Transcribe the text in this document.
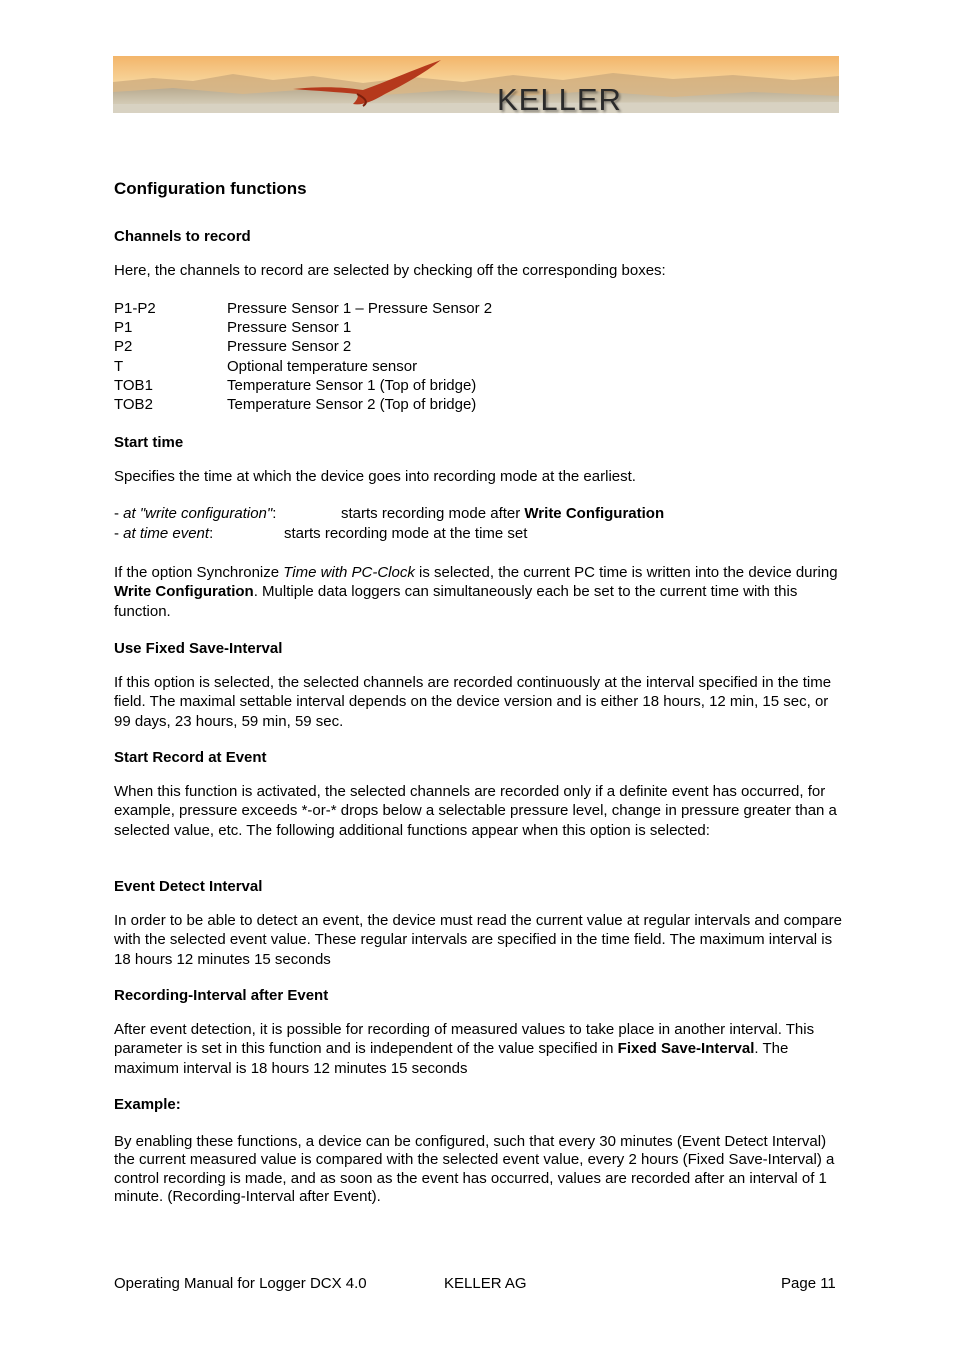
KELLER
Configuration functions
Channels to record
Here, the channels to record are selected by checking off the corresponding boxes:
P1-P2	Pressure Sensor 1 – Pressure Sensor 2
P1	Pressure Sensor 1
P2	Pressure Sensor 2
T	Optional temperature sensor
TOB1	Temperature Sensor 1 (Top of bridge)
TOB2	Temperature Sensor 2 (Top of bridge)
Start time
Specifies the time at which the device goes into recording mode at the earliest.
- at "write configuration":	starts recording mode after Write Configuration
- at time event:	starts recording mode at the time set
If the option Synchronize Time with PC-Clock is selected, the current PC time is written into the device during Write Configuration. Multiple data loggers can simultaneously each be set to the current time with this function.
Use Fixed Save-Interval
If this option is selected, the selected channels are recorded continuously at the interval specified in the time field. The maximal settable interval depends on the device version and is either 18 hours, 12 min, 15 sec, or 99 days, 23 hours, 59 min, 59 sec.
Start Record at Event
When this function is activated, the selected channels are recorded only if a definite event has occurred, for example, pressure exceeds *-or-* drops below a selectable pressure level, change in pressure greater than a selected value, etc. The following additional functions appear when this option is selected:
Event Detect Interval
In order to be able to detect an event, the device must read the current value at regular intervals and compare with the selected event value. These regular intervals are specified in the time field. The maximum interval is 18 hours 12 minutes 15 seconds
Recording-Interval after Event
After event detection, it is possible for recording of measured values to take place in another interval. This parameter is set in this function and is independent of the value specified in Fixed Save-Interval. The maximum interval is 18 hours 12 minutes 15 seconds
Example:
By enabling these functions, a device can be configured, such that every 30 minutes (Event Detect Interval) the current measured value is compared with the selected event value, every 2 hours (Fixed Save-Interval) a control recording is made, and as soon as the event has occurred, values are recorded after an interval of 1 minute. (Recording-Interval after Event).
Operating Manual for Logger DCX 4.0	KELLER AG	Page 11
